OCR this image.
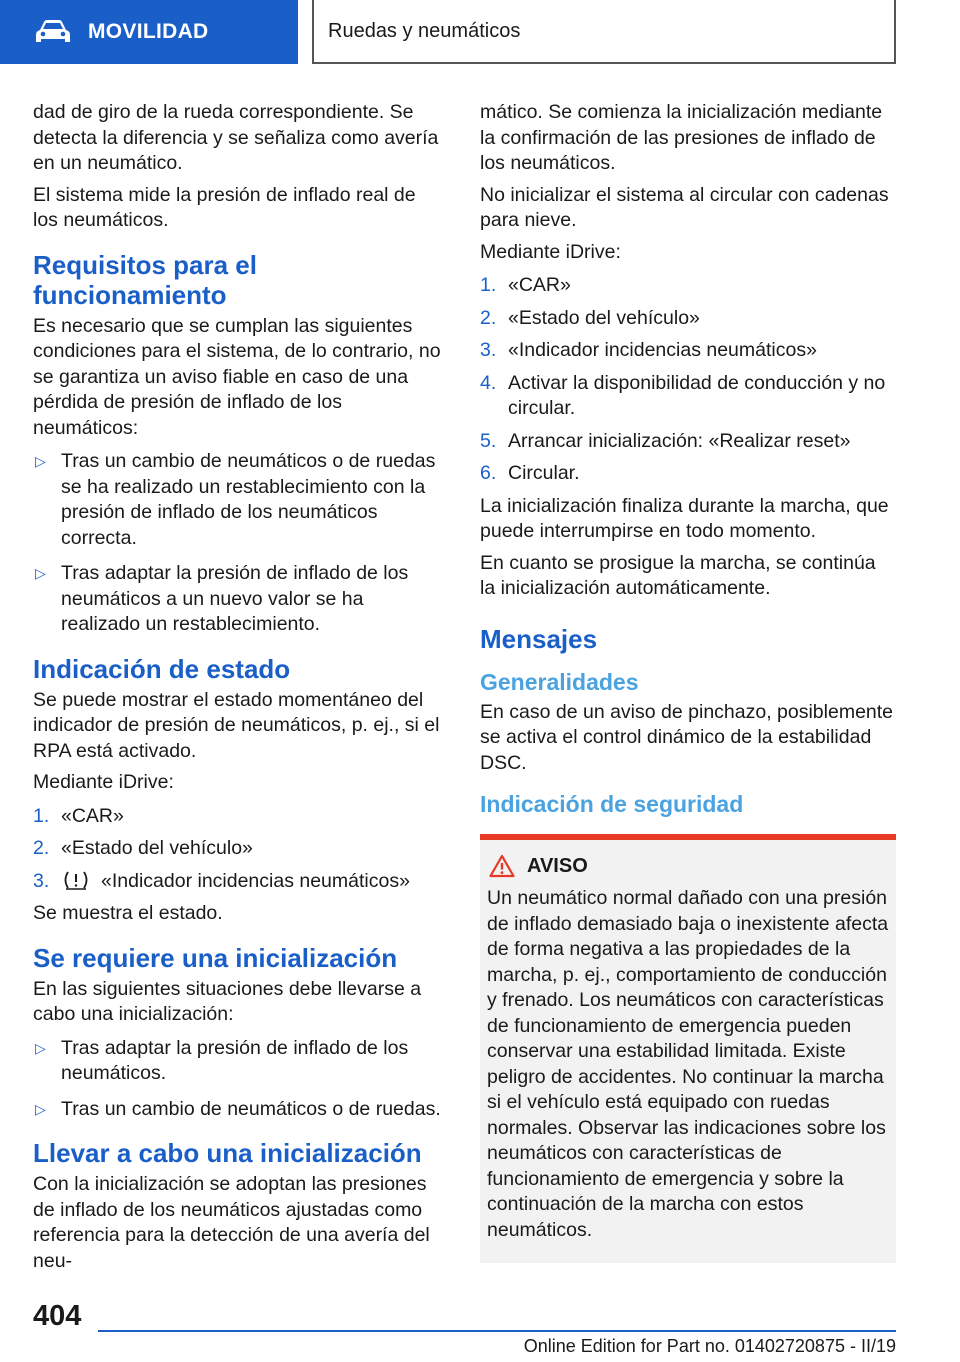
MOVILIDAD	Ruedas y neumáticos

dad de giro de la rueda correspondiente. Se detecta la diferencia y se señaliza como avería en un neumático.

El sistema mide la presión de inflado real de los neumáticos.

Requisitos para el funcionamiento

Es necesario que se cumplan las siguientes condiciones para el sistema, de lo contrario, no se garantiza un aviso fiable en caso de una pérdida de presión de inflado de los neumáticos:

▷ Tras un cambio de neumáticos o de ruedas se ha realizado un restablecimiento con la presión de inflado de los neumáticos correcta.
▷ Tras adaptar la presión de inflado de los neumáticos a un nuevo valor se ha realizado un restablecimiento.
Indicación de estado

Se puede mostrar el estado momentáneo del indicador de presión de neumáticos, p. ej., si el RPA está activado.

Mediante iDrive:

1. «CAR»
2. «Estado del vehículo»
3.	«Indicador incidencias neumáticos»

Se muestra el estado.

Se requiere una inicialización

En las siguientes situaciones debe llevarse a cabo una inicialización:

▷ Tras adaptar la presión de inflado de los neumáticos.
▷ Tras un cambio de neumáticos o de ruedas.
Llevar a cabo una inicialización

Con la inicialización se adoptan las presiones de inflado de los neumáticos ajustadas como referencia para la detección de una avería del neu-

mático. Se comienza la inicialización mediante la confirmación de las presiones de inflado de los neumáticos.

No inicializar el sistema al circular con cadenas para nieve.

Mediante iDrive:

1. «CAR»
2. «Estado del vehículo»
3. «Indicador incidencias neumáticos»
4. Activar la disponibilidad de conducción y no circular.
5. Arrancar inicialización: «Realizar reset»
6. Circular.

La inicialización finaliza durante la marcha, que puede interrumpirse en todo momento.

En cuanto se prosigue la marcha, se continúa la inicialización automáticamente.

Mensajes
Generalidades

En caso de un aviso de pinchazo, posiblemente se activa el control dinámico de la estabilidad DSC.

Indicación de seguridad
AVISO

Un neumático normal dañado con una presión de inflado demasiado baja o inexistente afecta de forma negativa a las propiedades de la marcha, p. ej., comportamiento de conducción y frenado. Los neumáticos con características de funcionamiento de emergencia pueden conservar una estabilidad limitada. Existe peligro de accidentes. No continuar la marcha si el vehículo está equipado con ruedas normales. Observar las indicaciones sobre los neumáticos con características de funcionamiento de emergencia y sobre la continuación de la marcha con estos neumáticos.

404
Online Edition for Part no. 01402720875 - II/19
